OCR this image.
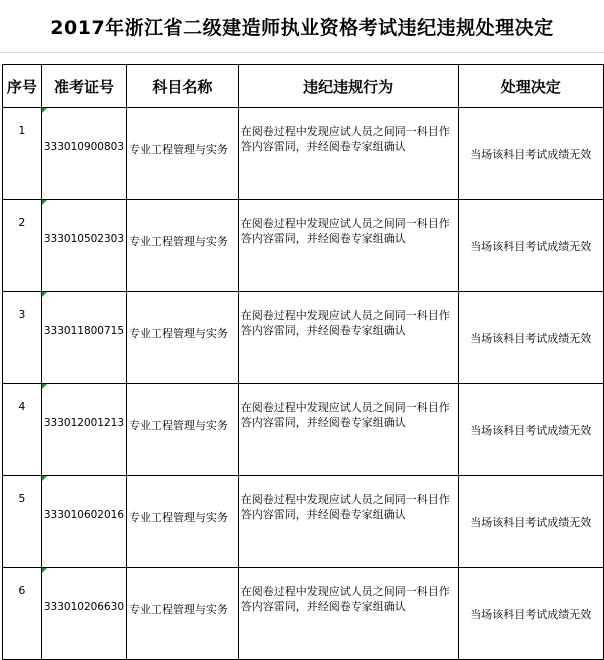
2017年浙江省二级建造师执业资格考试违纪违规处理决定
序号	准考证号	科目名称	违纪违规行为	处理决定
1	333010900803	专业工程管理与实务	在阅卷过程中发现应试人员之间同一科目作答内容雷同，并经阅卷专家组确认	当场该科目考试成绩无效
2	333010502303	专业工程管理与实务	在阅卷过程中发现应试人员之间同一科目作答内容雷同，并经阅卷专家组确认	当场该科目考试成绩无效
3	333011800715	专业工程管理与实务	在阅卷过程中发现应试人员之间同一科目作答内容雷同，并经阅卷专家组确认	当场该科目考试成绩无效
4	333012001213	专业工程管理与实务	在阅卷过程中发现应试人员之间同一科目作答内容雷同，并经阅卷专家组确认	当场该科目考试成绩无效
5	333010602016	专业工程管理与实务	在阅卷过程中发现应试人员之间同一科目作答内容雷同，并经阅卷专家组确认	当场该科目考试成绩无效
6	333010206630	专业工程管理与实务	在阅卷过程中发现应试人员之间同一科目作答内容雷同，并经阅卷专家组确认	当场该科目考试成绩无效
